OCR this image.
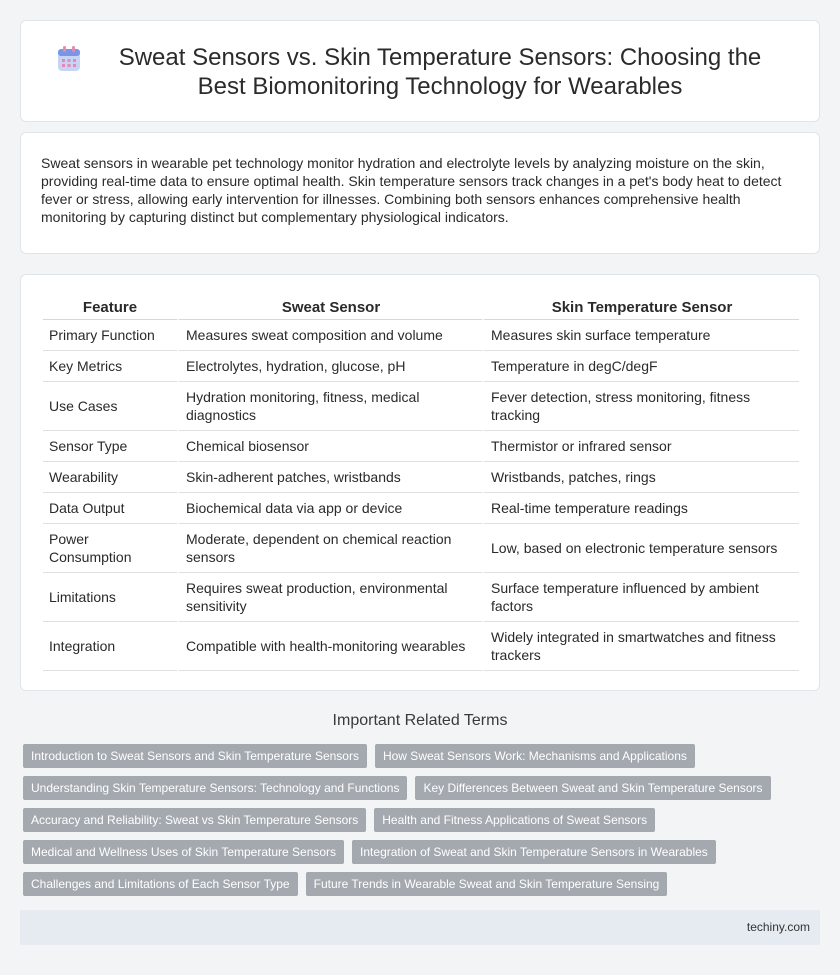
Sweat Sensors vs. Skin Temperature Sensors: Choosing the Best Biomonitoring Technology for Wearables

Sweat sensors in wearable pet technology monitor hydration and electrolyte levels by analyzing moisture on the skin, providing real-time data to ensure optimal health. Skin temperature sensors track changes in a pet's body heat to detect fever or stress, allowing early intervention for illnesses. Combining both sensors enhances comprehensive health monitoring by capturing distinct but complementary physiological indicators.

Feature	Sweat Sensor	Skin Temperature Sensor
Primary Function	Measures sweat composition and volume	Measures skin surface temperature
Key Metrics	Electrolytes, hydration, glucose, pH	Temperature in degC/degF
Use Cases	Hydration monitoring, fitness, medical diagnostics	Fever detection, stress monitoring, fitness tracking
Sensor Type	Chemical biosensor	Thermistor or infrared sensor
Wearability	Skin-adherent patches, wristbands	Wristbands, patches, rings
Data Output	Biochemical data via app or device	Real-time temperature readings
Power Consumption	Moderate, dependent on chemical reaction sensors	Low, based on electronic temperature sensors
Limitations	Requires sweat production, environmental sensitivity	Surface temperature influenced by ambient factors
Integration	Compatible with health-monitoring wearables	Widely integrated in smartwatches and fitness trackers
Important Related Terms
Introduction to Sweat Sensors and Skin Temperature Sensors	How Sweat Sensors Work: Mechanisms and Applications
Understanding Skin Temperature Sensors: Technology and Functions	Key Differences Between Sweat and Skin Temperature Sensors
Accuracy and Reliability: Sweat vs Skin Temperature Sensors	Health and Fitness Applications of Sweat Sensors
Medical and Wellness Uses of Skin Temperature Sensors	Integration of Sweat and Skin Temperature Sensors in Wearables
Challenges and Limitations of Each Sensor Type	Future Trends in Wearable Sweat and Skin Temperature Sensing
techiny.com
